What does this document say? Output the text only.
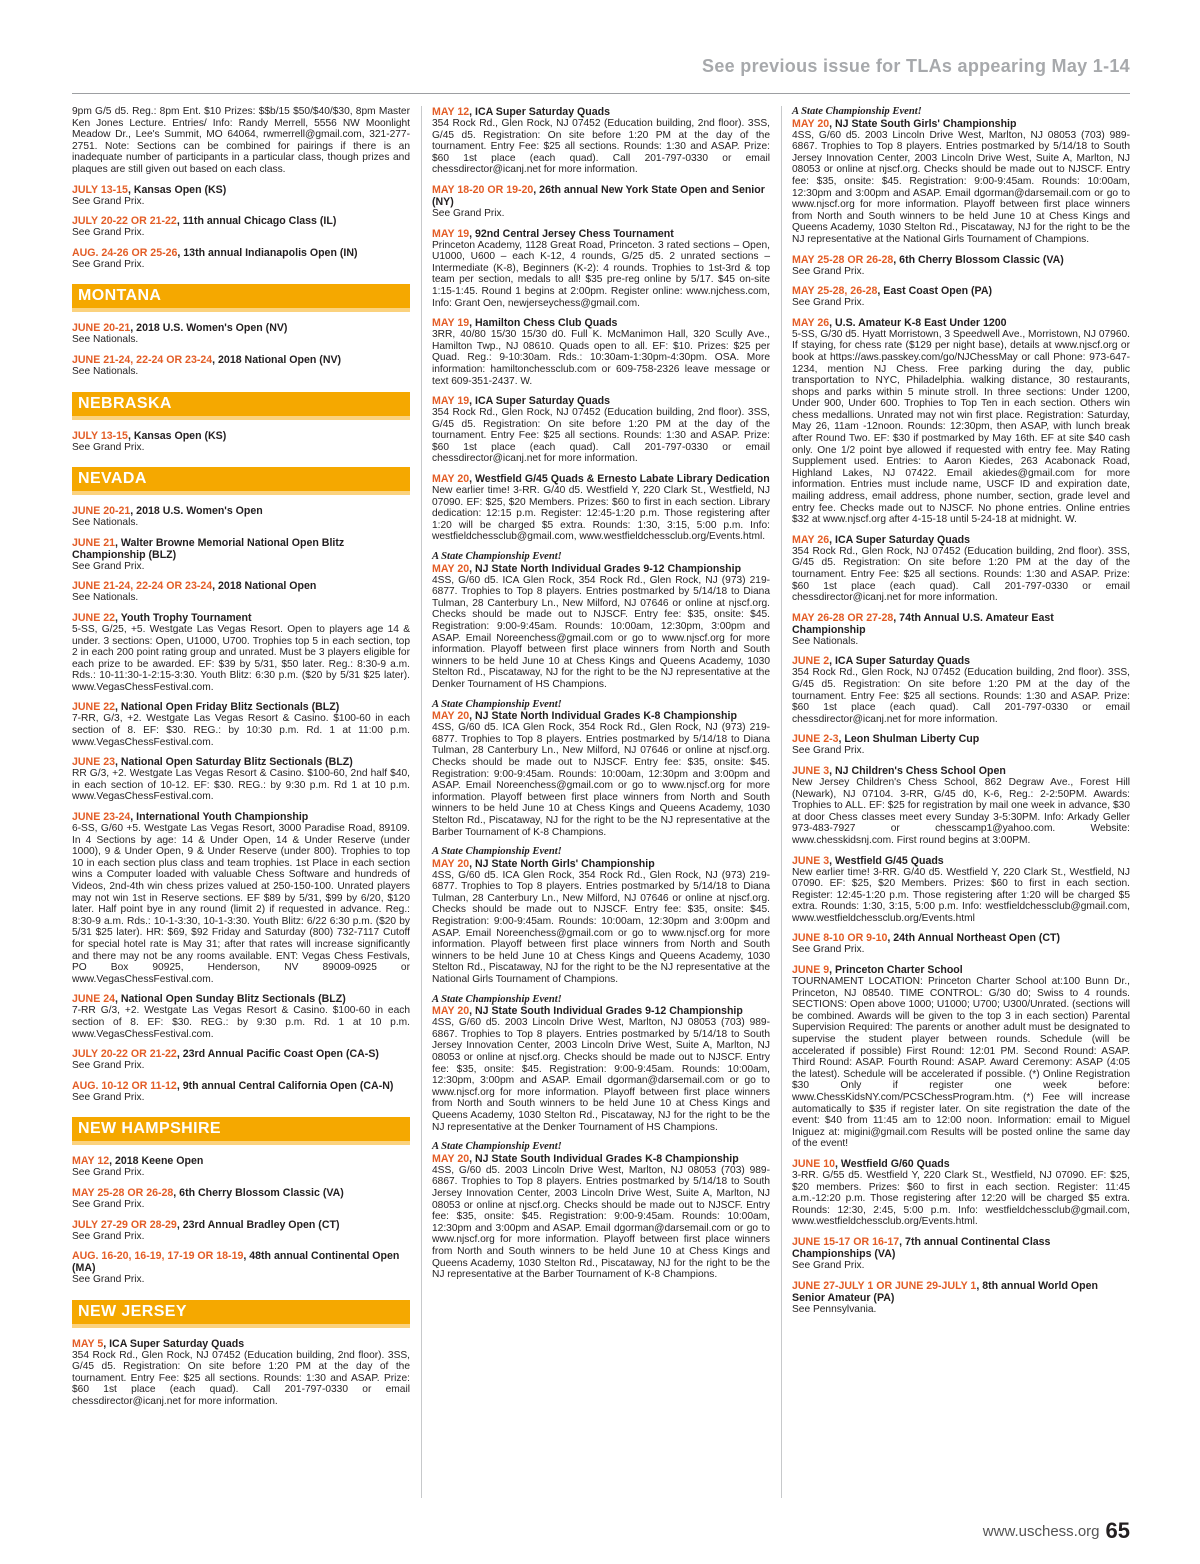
See previous issue for TLAs appearing May 1-14
9pm G/5 d5. Reg.: 8pm Ent. $10 Prizes: $$b/15 $50/$40/$30, 8pm Master Ken Jones Lecture. Entries/ Info: Randy Merrell, 5556 NW Moonlight Meadow Dr., Lee's Summit, MO 64064, rwmerrell@gmail.com, 321-277-2751. Note: Sections can be combined for pairings if there is an inadequate number of participants in a particular class, though prizes and plaques are still given out based on each class.
JULY 13-15, Kansas Open (KS)
See Grand Prix.
JULY 20-22 OR 21-22, 11th annual Chicago Class (IL)
See Grand Prix.
AUG. 24-26 OR 25-26, 13th annual Indianapolis Open (IN)
See Grand Prix.
MONTANA
JUNE 20-21, 2018 U.S. Women's Open (NV)
See Nationals.
JUNE 21-24, 22-24 OR 23-24, 2018 National Open (NV)
See Nationals.
NEBRASKA
JULY 13-15, Kansas Open (KS)
See Grand Prix.
NEVADA
JUNE 20-21, 2018 U.S. Women's Open
See Nationals.
JUNE 21, Walter Browne Memorial National Open Blitz Championship (BLZ)
See Grand Prix.
JUNE 21-24, 22-24 OR 23-24, 2018 National Open
See Nationals.
JUNE 22, Youth Trophy Tournament
5-SS, G/25, +5. Westgate Las Vegas Resort. Open to players age 14 & under. 3 sections: Open, U1000, U700. Trophies top 5 in each section, top 2 in each 200 point rating group and unrated. Must be 3 players eligible for each prize to be awarded. EF: $39 by 5/31, $50 later. Reg.: 8:30-9 a.m. Rds.: 10-11:30-1-2:15-3:30. Youth Blitz: 6:30 p.m. ($20 by 5/31 $25 later). www.VegasChessFestival.com.
JUNE 22, National Open Friday Blitz Sectionals (BLZ)
7-RR, G/3, +2. Westgate Las Vegas Resort & Casino. $100-60 in each section of 8. EF: $30. REG.: by 10:30 p.m. Rd. 1 at 11:00 p.m. www.VegasChessFestival.com.
JUNE 23, National Open Saturday Blitz Sectionals (BLZ)
RR G/3, +2. Westgate Las Vegas Resort & Casino. $100-60, 2nd half $40, in each section of 10-12. EF: $30. REG.: by 9:30 p.m. Rd 1 at 10 p.m. www.VegasChessFestival.com.
JUNE 23-24, International Youth Championship
6-SS, G/60 +5. Westgate Las Vegas Resort, 3000 Paradise Road, 89109. In 4 Sections by age: 14 & Under Open, 14 & Under Reserve (under 1000), 9 & Under Open, 9 & Under Reserve (under 800). Trophies to top 10 in each section plus class and team trophies. 1st Place in each section wins a Computer loaded with valuable Chess Software and hundreds of Videos, 2nd-4th win chess prizes valued at 250-150-100. Unrated players may not win 1st in Reserve sections. EF $89 by 5/31, $99 by 6/20, $120 later. Half point bye in any round (limit 2) if requested in advance. Reg.: 8:30-9 a.m. Rds.: 10-1-3:30, 10-1-3:30. Youth Blitz: 6/22 6:30 p.m. ($20 by 5/31 $25 later). HR: $69, $92 Friday and Saturday (800) 732-7117 Cutoff for special hotel rate is May 31; after that rates will increase significantly and there may not be any rooms available. ENT: Vegas Chess Festivals, PO Box 90925, Henderson, NV 89009-0925 or www.VegasChessFestival.com.
JUNE 24, National Open Sunday Blitz Sectionals (BLZ)
7-RR G/3, +2. Westgate Las Vegas Resort & Casino. $100-60 in each section of 8. EF: $30. REG.: by 9:30 p.m. Rd. 1 at 10 p.m. www.VegasChessFestival.com.
JULY 20-22 OR 21-22, 23rd Annual Pacific Coast Open (CA-S)
See Grand Prix.
AUG. 10-12 OR 11-12, 9th annual Central California Open (CA-N)
See Grand Prix.
NEW HAMPSHIRE
MAY 12, 2018 Keene Open
See Grand Prix.
MAY 25-28 OR 26-28, 6th Cherry Blossom Classic (VA)
See Grand Prix.
JULY 27-29 OR 28-29, 23rd Annual Bradley Open (CT)
See Grand Prix.
AUG. 16-20, 16-19, 17-19 OR 18-19, 48th annual Continental Open (MA)
See Grand Prix.
NEW JERSEY
MAY 5, ICA Super Saturday Quads
354 Rock Rd., Glen Rock, NJ 07452 (Education building, 2nd floor). 3SS, G/45 d5. Registration: On site before 1:20 PM at the day of the tournament. Entry Fee: $25 all sections. Rounds: 1:30 and ASAP. Prize: $60 1st place (each quad). Call 201-797-0330 or email chessdirector@icanj.net for more information.
MAY 12, ICA Super Saturday Quads
354 Rock Rd., Glen Rock, NJ 07452 (Education building, 2nd floor). 3SS, G/45 d5. Registration: On site before 1:20 PM at the day of the tournament. Entry Fee: $25 all sections. Rounds: 1:30 and ASAP. Prize: $60 1st place (each quad). Call 201-797-0330 or email chessdirector@icanj.net for more information.
MAY 18-20 OR 19-20, 26th annual New York State Open and Senior (NY)
See Grand Prix.
MAY 19, 92nd Central Jersey Chess Tournament
Princeton Academy, 1128 Great Road, Princeton. 3 rated sections – Open, U1000, U600 – each K-12, 4 rounds, G/25 d5. 2 unrated sections – Intermediate (K-8), Beginners (K-2): 4 rounds. Trophies to 1st-3rd & top team per section, medals to all! $35 pre-reg online by 5/17. $45 on-site 1:15-1:45. Round 1 begins at 2:00pm. Register online: www.njchess.com, Info: Grant Oen, newjerseychess@gmail.com.
MAY 19, Hamilton Chess Club Quads
3RR, 40/80 15/30 15/30 d0. Full K. McManimon Hall, 320 Scully Ave., Hamilton Twp., NJ 08610. Quads open to all. EF: $10. Prizes: $25 per Quad. Reg.: 9-10:30am. Rds.: 10:30am-1:30pm-4:30pm. OSA. More information: hamiltonchessclub.com or 609-758-2326 leave message or text 609-351-2437. W.
MAY 19, ICA Super Saturday Quads
354 Rock Rd., Glen Rock, NJ 07452 (Education building, 2nd floor). 3SS, G/45 d5. Registration: On site before 1:20 PM at the day of the tournament. Entry Fee: $25 all sections. Rounds: 1:30 and ASAP. Prize: $60 1st place (each quad). Call 201-797-0330 or email chessdirector@icanj.net for more information.
MAY 20, Westfield G/45 Quads & Ernesto Labate Library Dedication
New earlier time! 3-RR. G/40 d5. Westfield Y, 220 Clark St., Westfield, NJ 07090. EF: $25, $20 Members. Prizes: $60 to first in each section. Library dedication: 12:15 p.m. Register: 12:45-1:20 p.m. Those registering after 1:20 will be charged $5 extra. Rounds: 1:30, 3:15, 5:00 p.m. Info: westfieldchessclub@gmail.com, www.westfieldchessclub.org/Events.html.
A State Championship Event!
MAY 20, NJ State North Individual Grades 9-12 Championship
4SS, G/60 d5. ICA Glen Rock, 354 Rock Rd., Glen Rock, NJ (973) 219-6877. Trophies to Top 8 players. Entries postmarked by 5/14/18 to Diana Tulman, 28 Canterbury Ln., New Milford, NJ 07646 or online at njscf.org. Checks should be made out to NJSCF. Entry fee: $35, onsite: $45. Registration: 9:00-9:45am. Rounds: 10:00am, 12:30pm, 3:00pm and ASAP. Email Noreenchess@gmail.com or go to www.njscf.org for more information. Playoff between first place winners from North and South winners to be held June 10 at Chess Kings and Queens Academy, 1030 Stelton Rd., Piscataway, NJ for the right to be the NJ representative at the Denker Tournament of HS Champions.
A State Championship Event!
MAY 20, NJ State North Individual Grades K-8 Championship
4SS, G/60 d5. ICA Glen Rock, 354 Rock Rd., Glen Rock, NJ (973) 219-6877. Trophies to Top 8 players. Entries postmarked by 5/14/18 to Diana Tulman, 28 Canterbury Ln., New Milford, NJ 07646 or online at njscf.org. Checks should be made out to NJSCF. Entry fee: $35, onsite: $45. Registration: 9:00-9:45am. Rounds: 10:00am, 12:30pm and 3:00pm and ASAP. Email Noreenchess@gmail.com or go to www.njscf.org for more information. Playoff between first place winners from North and South winners to be held June 10 at Chess Kings and Queens Academy, 1030 Stelton Rd., Piscataway, NJ for the right to be the NJ representative at the Barber Tournament of K-8 Champions.
A State Championship Event!
MAY 20, NJ State North Girls' Championship
4SS, G/60 d5. ICA Glen Rock, 354 Rock Rd., Glen Rock, NJ (973) 219-6877. Trophies to Top 8 players. Entries postmarked by 5/14/18 to Diana Tulman, 28 Canterbury Ln., New Milford, NJ 07646 or online at njscf.org. Checks should be made out to NJSCF. Entry fee: $35, onsite: $45. Registration: 9:00-9:45am. Rounds: 10:00am, 12:30pm and 3:00pm and ASAP. Email Noreenchess@gmail.com or go to www.njscf.org for more information. Playoff between first place winners from North and South winners to be held June 10 at Chess Kings and Queens Academy, 1030 Stelton Rd., Piscataway, NJ for the right to be the NJ representative at the National Girls Tournament of Champions.
A State Championship Event!
MAY 20, NJ State South Individual Grades 9-12 Championship
4SS, G/60 d5. 2003 Lincoln Drive West, Marlton, NJ 08053 (703) 989-6867. Trophies to Top 8 players. Entries postmarked by 5/14/18 to South Jersey Innovation Center, 2003 Lincoln Drive West, Suite A, Marlton, NJ 08053 or online at njscf.org. Checks should be made out to NJSCF. Entry fee: $35, onsite: $45. Registration: 9:00-9:45am. Rounds: 10:00am, 12:30pm, 3:00pm and ASAP. Email dgorman@darsemail.com or go to www.njscf.org for more information. Playoff between first place winners from North and South winners to be held June 10 at Chess Kings and Queens Academy, 1030 Stelton Rd., Piscataway, NJ for the right to be the NJ representative at the Denker Tournament of HS Champions.
A State Championship Event!
MAY 20, NJ State South Individual Grades K-8 Championship
4SS, G/60 d5. 2003 Lincoln Drive West, Marlton, NJ 08053 (703) 989-6867. Trophies to Top 8 players. Entries postmarked by 5/14/18 to South Jersey Innovation Center, 2003 Lincoln Drive West, Suite A, Marlton, NJ 08053 or online at njscf.org. Checks should be made out to NJSCF. Entry fee: $35, onsite: $45. Registration: 9:00-9:45am. Rounds: 10:00am, 12:30pm and 3:00pm and ASAP. Email dgorman@darsemail.com or go to www.njscf.org for more information. Playoff between first place winners from North and South winners to be held June 10 at Chess Kings and Queens Academy, 1030 Stelton Rd., Piscataway, NJ for the right to be the NJ representative at the Barber Tournament of K-8 Champions.
A State Championship Event!
MAY 20, NJ State South Girls' Championship
4SS, G/60 d5. 2003 Lincoln Drive West, Marlton, NJ 08053 (703) 989-6867. Trophies to Top 8 players. Entries postmarked by 5/14/18 to South Jersey Innovation Center, 2003 Lincoln Drive West, Suite A, Marlton, NJ 08053 or online at njscf.org. Checks should be made out to NJSCF. Entry fee: $35, onsite: $45. Registration: 9:00-9:45am. Rounds: 10:00am, 12:30pm and 3:00pm and ASAP. Email dgorman@darsemail.com or go to www.njscf.org for more information. Playoff between first place winners from North and South winners to be held June 10 at Chess Kings and Queens Academy, 1030 Stelton Rd., Piscataway, NJ for the right to be the NJ representative at the National Girls Tournament of Champions.
MAY 25-28 OR 26-28, 6th Cherry Blossom Classic (VA)
See Grand Prix.
MAY 25-28, 26-28, East Coast Open (PA)
See Grand Prix.
MAY 26, U.S. Amateur K-8 East Under 1200
5-SS, G/30 d5. Hyatt Morristown, 3 Speedwell Ave., Morristown, NJ 07960. If staying, for chess rate ($129 per night base), details at www.njscf.org or book at https://aws.passkey.com/go/NJChessMay or call Phone: 973-647-1234, mention NJ Chess. Free parking during the day, public transportation to NYC, Philadelphia. walking distance, 30 restaurants, shops and parks within 5 minute stroll. In three sections: Under 1200, Under 900, Under 600. Trophies to Top Ten in each section. Others win chess medallions. Unrated may not win first place. Registration: Saturday, May 26, 11am -12noon. Rounds: 12:30pm, then ASAP, with lunch break after Round Two. EF: $30 if postmarked by May 16th. EF at site $40 cash only. One 1/2 point bye allowed if requested with entry fee. May Rating Supplement used. Entries: to Aaron Kiedes, 263 Acabonack Road, Highland Lakes, NJ 07422. Email akiedes@gmail.com for more information. Entries must include name, USCF ID and expiration date, mailing address, email address, phone number, section, grade level and entry fee. Checks made out to NJSCF. No phone entries. Online entries $32 at www.njscf.org after 4-15-18 until 5-24-18 at midnight. W.
MAY 26, ICA Super Saturday Quads
354 Rock Rd., Glen Rock, NJ 07452 (Education building, 2nd floor). 3SS, G/45 d5. Registration: On site before 1:20 PM at the day of the tournament. Entry Fee: $25 all sections. Rounds: 1:30 and ASAP. Prize: $60 1st place (each quad). Call 201-797-0330 or email chessdirector@icanj.net for more information.
MAY 26-28 OR 27-28, 74th Annual U.S. Amateur East Championship
See Nationals.
JUNE 2, ICA Super Saturday Quads
354 Rock Rd., Glen Rock, NJ 07452 (Education building, 2nd floor). 3SS, G/45 d5. Registration: On site before 1:20 PM at the day of the tournament. Entry Fee: $25 all sections. Rounds: 1:30 and ASAP. Prize: $60 1st place (each quad). Call 201-797-0330 or email chessdirector@icanj.net for more information.
JUNE 2-3, Leon Shulman Liberty Cup
See Grand Prix.
JUNE 3, NJ Children's Chess School Open
New Jersey Children's Chess School, 862 Degraw Ave., Forest Hill (Newark), NJ 07104. 3-RR, G/45 d0, K-6, Reg.: 2-2:50PM. Awards: Trophies to ALL. EF: $25 for registration by mail one week in advance, $30 at door Chess classes meet every Sunday 3-5:30PM. Info: Arkady Geller 973-483-7927 or chesscamp1@yahoo.com. Website: www.chesskidsnj.com. First round begins at 3:00PM.
JUNE 3, Westfield G/45 Quads
New earlier time! 3-RR. G/40 d5. Westfield Y, 220 Clark St., Westfield, NJ 07090. EF: $25, $20 Members. Prizes: $60 to first in each section. Register: 12:45-1:20 p.m. Those registering after 1:20 will be charged $5 extra. Rounds: 1:30, 3:15, 5:00 p.m. Info: westfieldchessclub@gmail.com, www.westfieldchessclub.org/Events.html
JUNE 8-10 OR 9-10, 24th Annual Northeast Open (CT)
See Grand Prix.
JUNE 9, Princeton Charter School
TOURNAMENT LOCATION: Princeton Charter School at:100 Bunn Dr., Princeton, NJ 08540. TIME CONTROL: G/30 d0; Swiss to 4 rounds. SECTIONS: Open above 1000; U1000; U700; U300/Unrated. (sections will be combined. Awards will be given to the top 3 in each section) Parental Supervision Required: The parents or another adult must be designated to supervise the student player between rounds. Schedule (will be accelerated if possible) First Round: 12:01 PM. Second Round: ASAP. Third Round: ASAP. Fourth Round: ASAP. Award Ceremony: ASAP (4:05 the latest). Schedule will be accelerated if possible. (*) Online Registration $30 Only if register one week before: www.ChessKidsNY.com/PCSChessProgram.htm. (*) Fee will increase automatically to $35 if register later. On site registration the date of the event: $40 from 11:45 am to 12:00 noon. Information: email to Miguel Iniguez at: migini@gmail.com Results will be posted online the same day of the event!
JUNE 10, Westfield G/60 Quads
3-RR. G/55 d5. Westfield Y, 220 Clark St., Westfield, NJ 07090. EF: $25, $20 members. Prizes: $60 to first in each section. Register: 11:45 a.m.-12:20 p.m. Those registering after 12:20 will be charged $5 extra. Rounds: 12:30, 2:45, 5:00 p.m. Info: westfieldchessclub@gmail.com, www.westfieldchessclub.org/Events.html.
JUNE 15-17 OR 16-17, 7th annual Continental Class Championships (VA)
See Grand Prix.
JUNE 27-JULY 1 OR JUNE 29-JULY 1, 8th annual World Open Senior Amateur (PA)
See Pennsylvania.
www.uschess.org 65
